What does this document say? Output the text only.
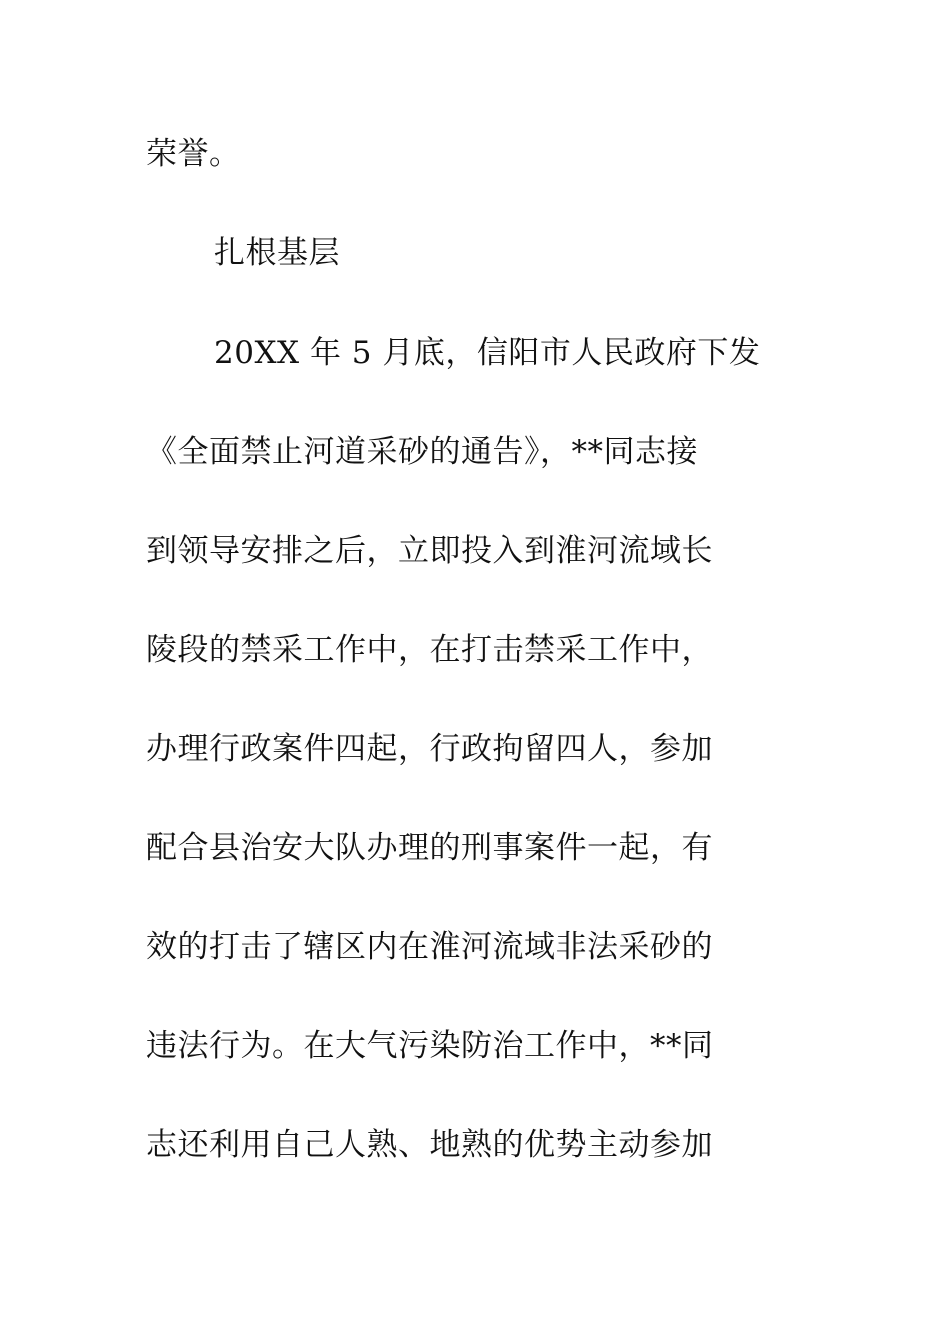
荣誉。
扎根基层
20XX 年 5 月底，信阳市人民政府下发
《全面禁止河道采砂的通告》，**同志接
到领导安排之后，立即投入到淮河流域长
陵段的禁采工作中，在打击禁采工作中，
办理行政案件四起，行政拘留四人，参加
配合县治安大队办理的刑事案件一起，有
效的打击了辖区内在淮河流域非法采砂的
违法行为。在大气污染防治工作中，**同
志还利用自己人熟、地熟的优势主动参加
